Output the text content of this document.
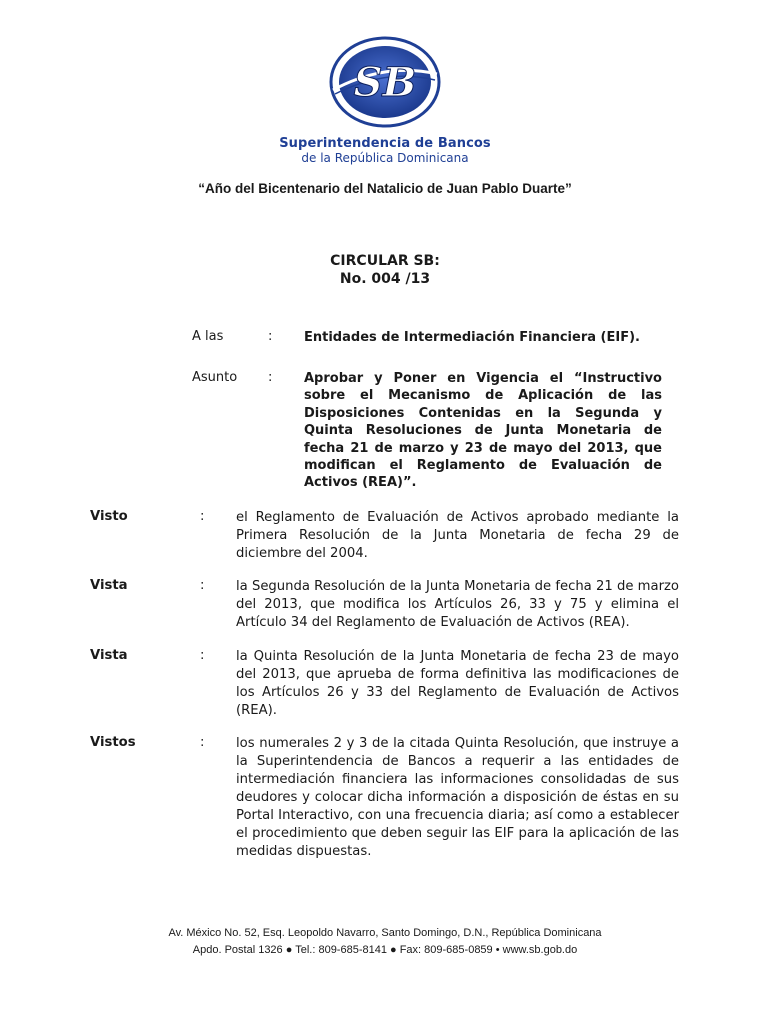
SB
Superintendencia de Bancos
de la República Dominicana
“Año del Bicentenario del Natalicio de Juan Pablo Duarte”
CIRCULAR SB:
No. 004 /13
A las	: Entidades de Intermediación Financiera (EIF).
Asunto : Aprobar y Poner en Vigencia el “Instructivo sobre el Mecanismo de Aplicación de las Disposiciones Contenidas en la Segunda y Quinta Resoluciones de Junta Monetaria de fecha 21 de marzo y 23 de mayo del 2013, que modifican el Reglamento de Evaluación de Activos (REA)”.
Visto	: el Reglamento de Evaluación de Activos aprobado mediante la Primera Resolución de la Junta Monetaria de fecha 29 de diciembre del 2004.
Vista	: la Segunda Resolución de la Junta Monetaria de fecha 21 de marzo del 2013, que modifica los Artículos 26, 33 y 75 y elimina el Artículo 34 del Reglamento de Evaluación de Activos (REA).
Vista	: la Quinta Resolución de la Junta Monetaria de fecha 23 de mayo del 2013, que aprueba de forma definitiva las modificaciones de los Artículos 26 y 33 del Reglamento de Evaluación de Activos (REA).
Vistos	: los numerales 2 y 3 de la citada Quinta Resolución, que instruye a la Superintendencia de Bancos a requerir a las entidades de intermediación financiera las informaciones consolidadas de sus deudores y colocar dicha información a disposición de éstas en su Portal Interactivo, con una frecuencia diaria; así como a establecer el procedimiento que deben seguir las EIF para la aplicación de las medidas dispuestas.
Av. México No. 52, Esq. Leopoldo Navarro, Santo Domingo, D.N., República Dominicana
Apdo. Postal 1326 ● Tel.: 809-685-8141 ● Fax: 809-685-0859 • www.sb.gob.do
